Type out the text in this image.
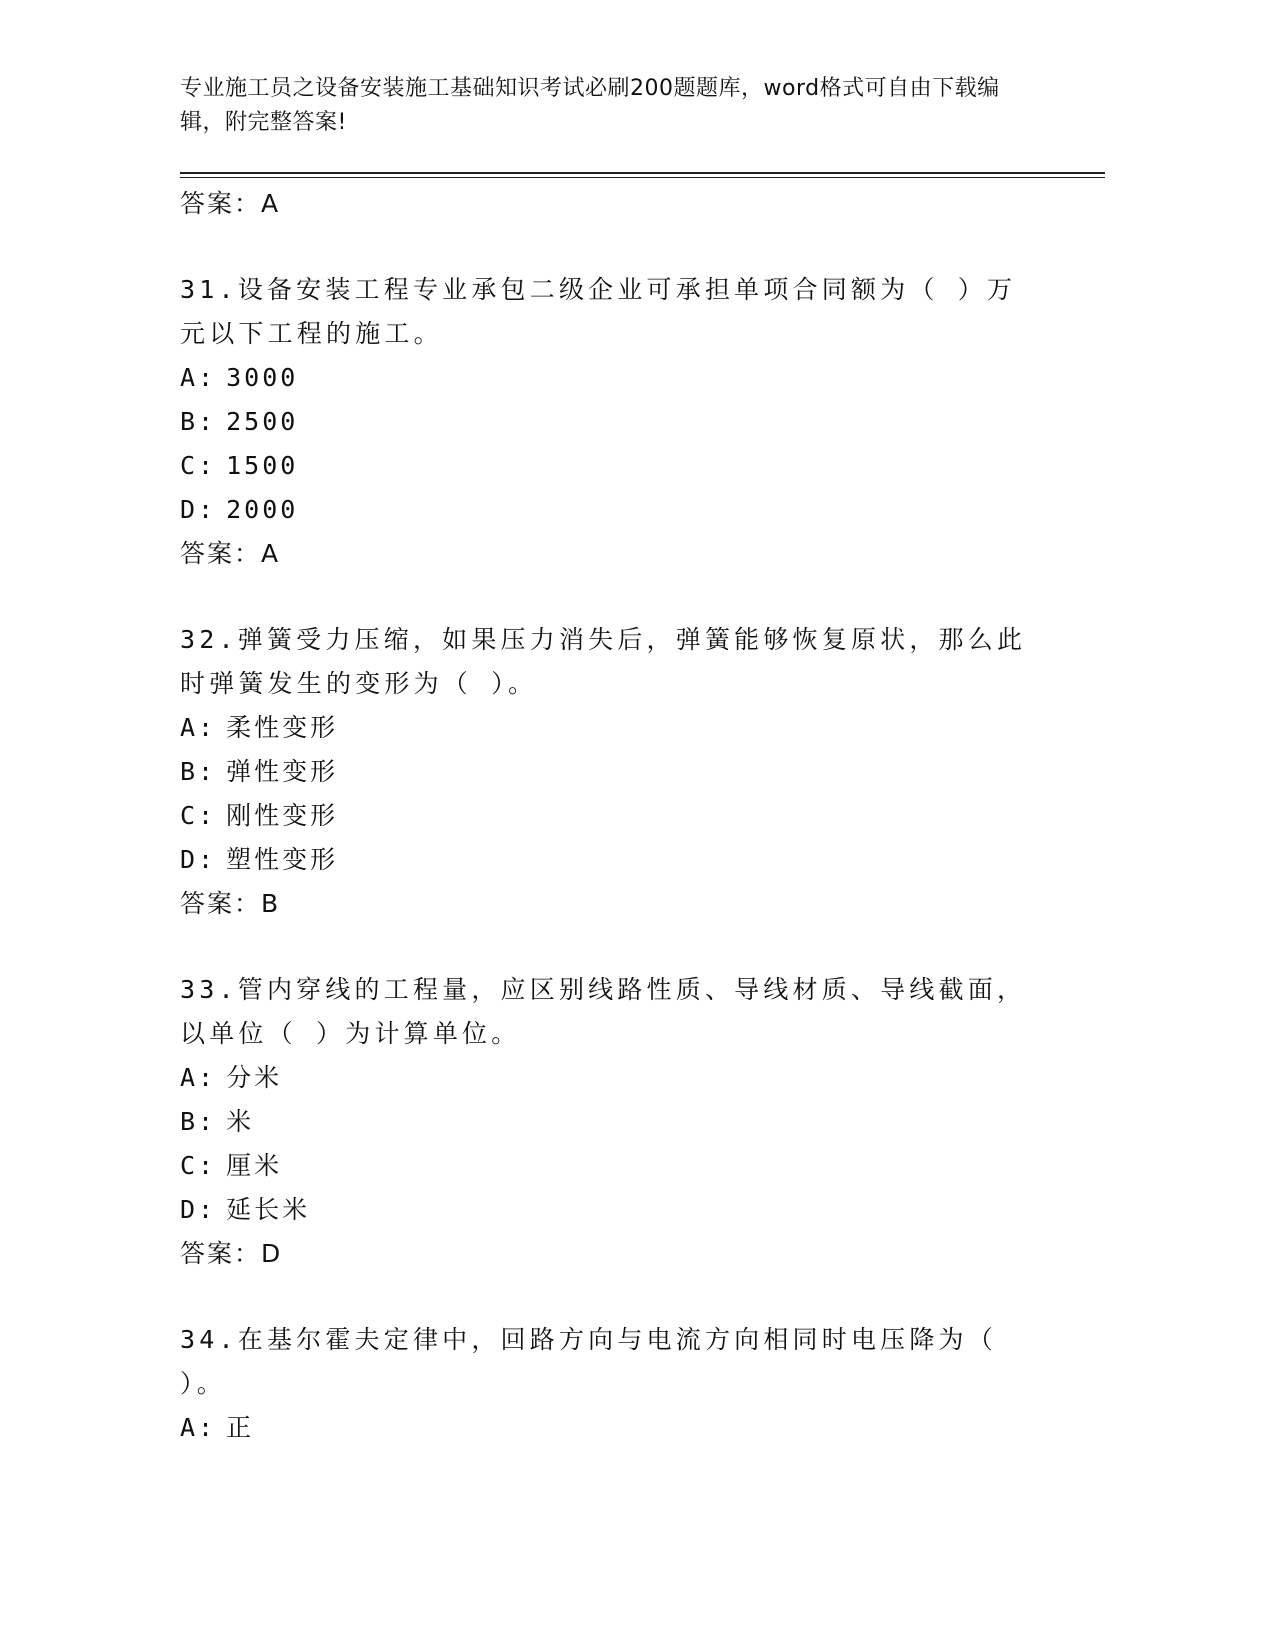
专业施工员之设备安装施工基础知识考试必刷200题题库，word格式可自由下载编辑，附完整答案!
答案：A
31.设备安装工程专业承包二级企业可承担单项合同额为（ ）万元以下工程的施工。
A: 3000
B: 2500
C: 1500
D: 2000
答案：A
32.弹簧受力压缩，如果压力消失后，弹簧能够恢复原状，那么此时弹簧发生的变形为（ ）。
A: 柔性变形
B: 弹性变形
C: 刚性变形
D: 塑性变形
答案：B
33.管内穿线的工程量，应区别线路性质、导线材质、导线截面，以单位（ ）为计算单位。
A: 分米
B: 米
C: 厘米
D: 延长米
答案：D
34.在基尔霍夫定律中，回路方向与电流方向相同时电压降为（ ）。
A: 正
